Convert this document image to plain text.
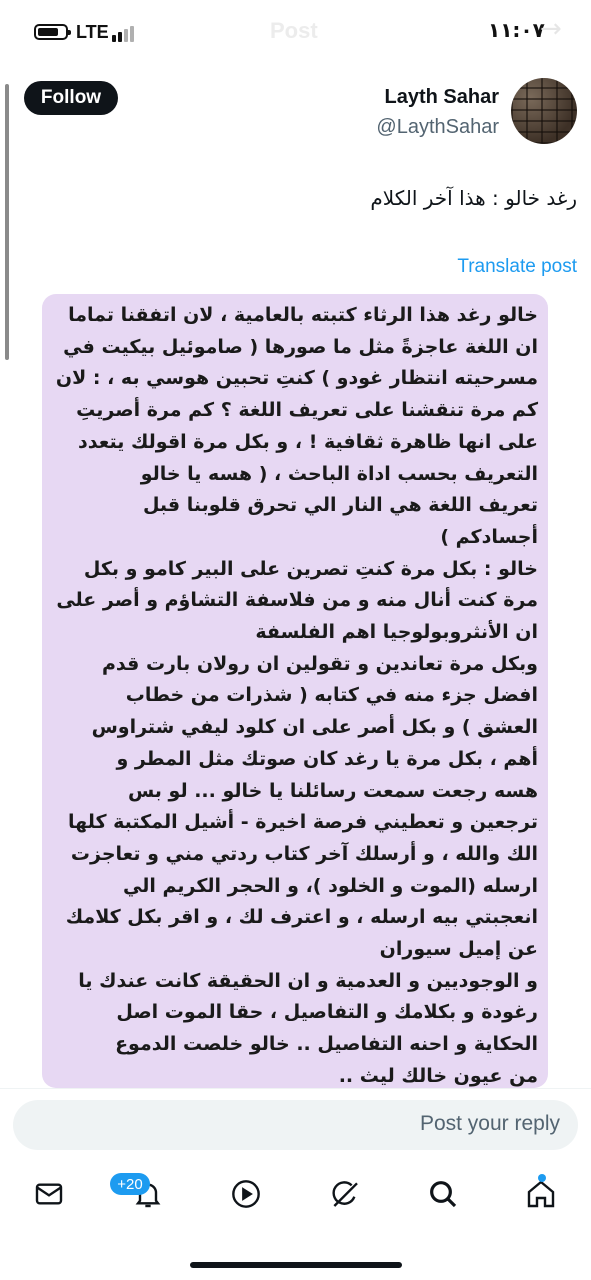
LTE	Post	١١:٠٧
→
Follow	Layth Sahar
@LaythSahar
رغد خالو : هذا آخر الكلام
Translate post
خالو رغد هذا الرثاء كتبته بالعامية ، لان اتفقنا تماما
ان اللغة عاجزةً مثل ما صورها ( صاموئيل بيكيت في
مسرحيته انتظار غودو ) كنتِ تحبين هوسي به ، : لان
كم مرة تنقشنا على تعريف اللغة ؟ كم مرة أصريتِ
على انها ظاهرة ثقافية ! ، و بكل مرة اقولك يتعدد
التعريف بحسب اداة الباحث ، ( هسه يا خالو
تعريف اللغة هي النار الي تحرق قلوبنا قبل
أجسادكم )
خالو : بكل مرة كنتِ تصرين على البير كامو و بكل
مرة كنت أنال منه و من فلاسفة التشاؤم و أصر على
ان الأنثروبولوجيا اهم الفلسفة
وبكل مرة تعاندين و تقولين ان رولان بارت قدم
افضل جزء منه في كتابه ( شذرات من خطاب
العشق ) و بكل أصر على ان كلود ليفي شتراوس
أهم ، بكل مرة يا رغد كان صوتك مثل المطر و
هسه رجعت سمعت رسائلنا يا خالو ... لو بس
ترجعين و تعطيني فرصة اخيرة - أشيل المكتبة كلها
الك والله ، و أرسلك آخر كتاب ردتي مني و تعاجزت
ارسله (الموت و الخلود )، و الحجر الكريم الي
انعجبتي بيه ارسله ، و اعترف لك ، و اقر بكل كلامك
عن إميل سيوران
و الوجوديين و العدمية و ان الحقيقة كانت عندك يا
رغودة و بكلامك و التفاصيل ، حقا الموت اصل
الحكاية و احنه التفاصيل .. خالو خلصت الدموع
من عيون خالك ليث ..
Post your reply
+20
